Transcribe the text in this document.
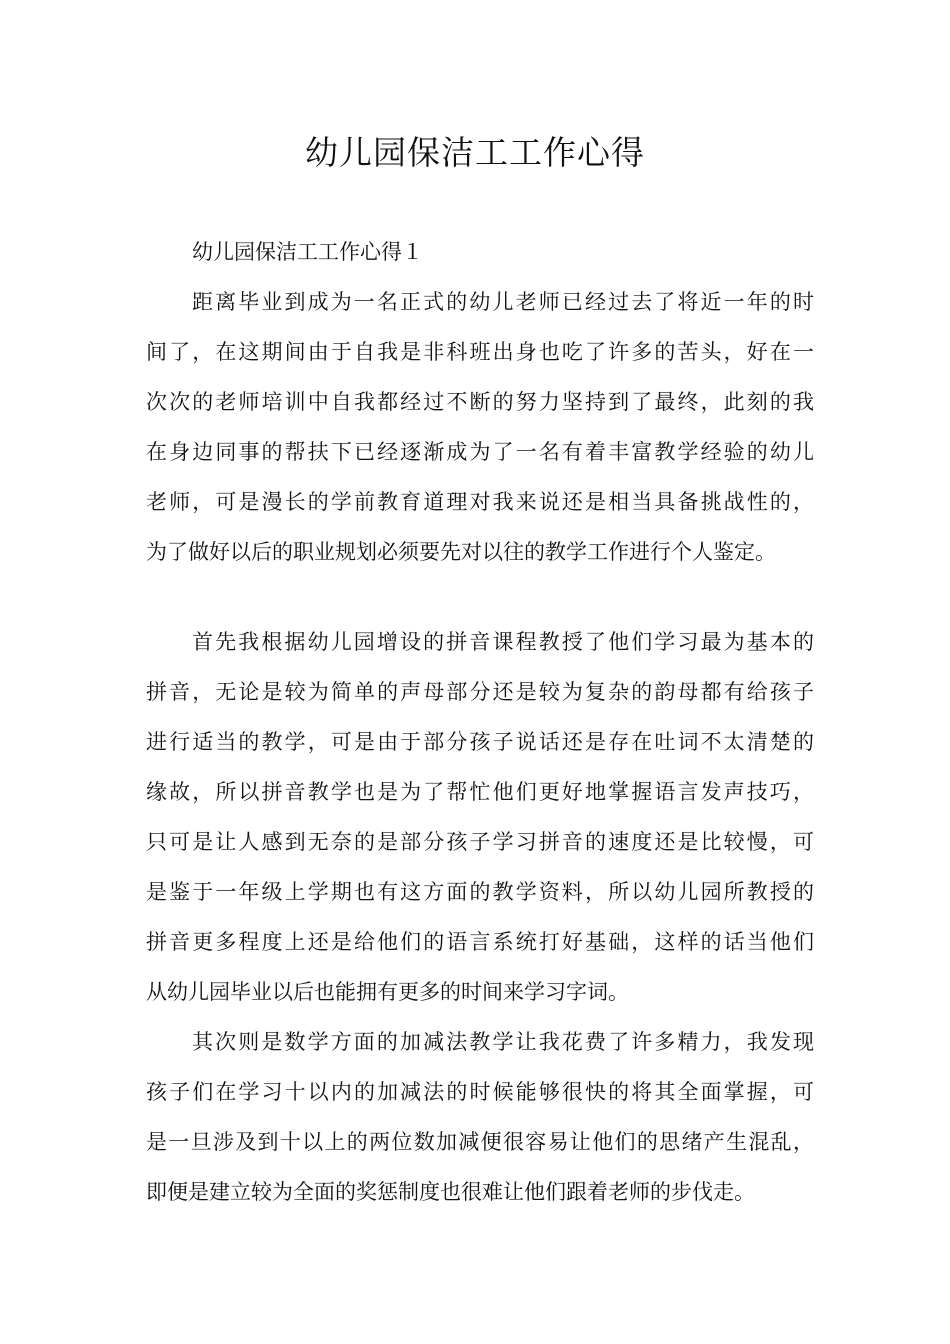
幼儿园保洁工工作心得

幼儿园保洁工工作心得１

距离毕业到成为一名正式的幼儿老师已经过去了将近一年的时
间了，在这期间由于自我是非科班出身也吃了许多的苦头，好在一
次次的老师培训中自我都经过不断的努力坚持到了最终，此刻的我
在身边同事的帮扶下已经逐渐成为了一名有着丰富教学经验的幼儿
老师，可是漫长的学前教育道理对我来说还是相当具备挑战性的，
为了做好以后的职业规划必须要先对以往的教学工作进行个人鉴定。
首先我根据幼儿园增设的拼音课程教授了他们学习最为基本的
拼音，无论是较为简单的声母部分还是较为复杂的韵母都有给孩子
进行适当的教学，可是由于部分孩子说话还是存在吐词不太清楚的
缘故，所以拼音教学也是为了帮忙他们更好地掌握语言发声技巧，
只可是让人感到无奈的是部分孩子学习拼音的速度还是比较慢，可
是鉴于一年级上学期也有这方面的教学资料，所以幼儿园所教授的
拼音更多程度上还是给他们的语言系统打好基础，这样的话当他们
从幼儿园毕业以后也能拥有更多的时间来学习字词。
其次则是数学方面的加减法教学让我花费了许多精力，我发现
孩子们在学习十以内的加减法的时候能够很快的将其全面掌握，可
是一旦涉及到十以上的两位数加减便很容易让他们的思绪产生混乱，
即便是建立较为全面的奖惩制度也很难让他们跟着老师的步伐走。
